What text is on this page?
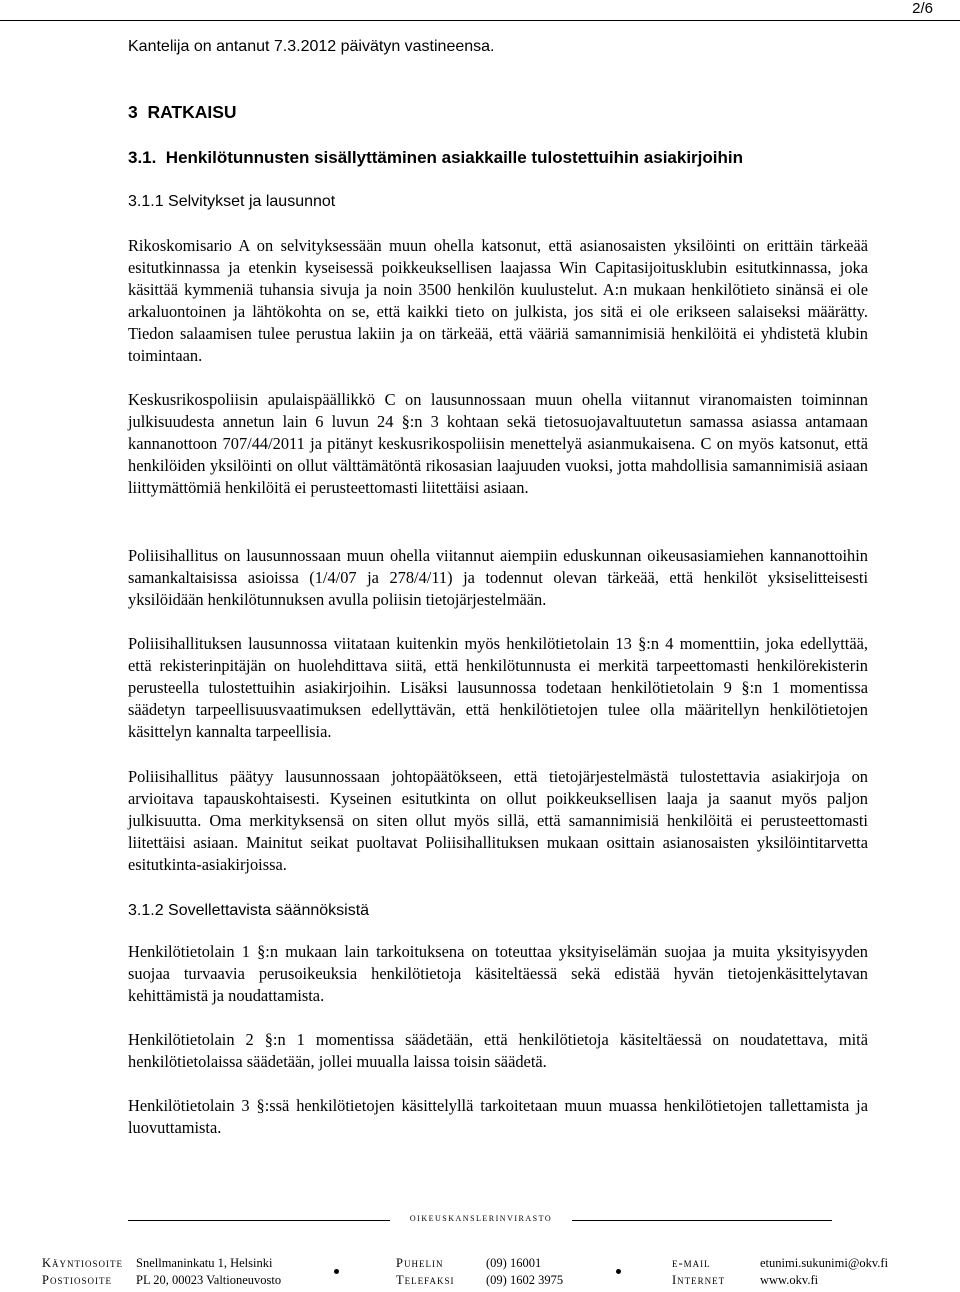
2/6
Kantelija on antanut 7.3.2012 päivätyn vastineensa.
3  RATKAISU
3.1.  Henkilötunnusten sisällyttäminen asiakkaille tulostettuihin asiakirjoihin
3.1.1 Selvitykset ja lausunnot

Rikoskomisario A on selvityksessään muun ohella katsonut, että asianosaisten yksilöinti on erittäin tärkeää esitutkinnassa ja etenkin kyseisessä poikkeuksellisen laajassa Win Capitasijoitusklubin esitutkinnassa, joka käsittää kymmeniä tuhansia sivuja ja noin 3500 henkilön kuulustelut. A:n mukaan henkilötieto sinänsä ei ole arkaluontoinen ja lähtökohta on se, että kaikki tieto on julkista, jos sitä ei ole erikseen salaiseksi määrätty. Tiedon salaamisen tulee perustua lakiin ja on tärkeää, että vääriä samannimisiä henkilöitä ei yhdistetä klubin toimintaan.

Keskusrikospoliisin apulaispäällikkö C on lausunnossaan muun ohella viitannut viranomaisten toiminnan julkisuudesta annetun lain 6 luvun 24 §:n 3 kohtaan sekä tietosuojavaltuutetun samassa asiassa antamaan kannanottoon 707/44/2011 ja pitänyt keskusrikospoliisin menettelyä asianmukaisena. C on myös katsonut, että henkilöiden yksilöinti on ollut välttämätöntä rikosasian laajuuden vuoksi, jotta mahdollisia samannimisiä asiaan liittymättömiä henkilöitä ei perusteettomasti liitettäisi asiaan.

Poliisihallitus on lausunnossaan muun ohella viitannut aiempiin eduskunnan oikeusasiamiehen kannanottoihin samankaltaisissa asioissa (1/4/07 ja 278/4/11) ja todennut olevan tärkeää, että henkilöt yksiselitteisesti yksilöidään henkilötunnuksen avulla poliisin tietojärjestelmään.

Poliisihallituksen lausunnossa viitataan kuitenkin myös henkilötietolain 13 §:n 4 momenttiin, joka edellyttää, että rekisterinpitäjän on huolehdittava siitä, että henkilötunnusta ei merkitä tarpeettomasti henkilörekisterin perusteella tulostettuihin asiakirjoihin. Lisäksi lausunnossa todetaan henkilötietolain 9 §:n 1 momentissa säädetyn tarpeellisuusvaatimuksen edellyttävän, että henkilötietojen tulee olla määritellyn henkilötietojen käsittelyn kannalta tarpeellisia.

Poliisihallitus päätyy lausunnossaan johtopäätökseen, että tietojärjestelmästä tulostettavia asiakirjoja on arvioitava tapauskohtaisesti. Kyseinen esitutkinta on ollut poikkeuksellisen laaja ja saanut myös paljon julkisuutta. Oma merkityksensä on siten ollut myös sillä, että samannimisiä henkilöitä ei perusteettomasti liitettäisi asiaan. Mainitut seikat puoltavat Poliisihallituksen mukaan osittain asianosaisten yksilöintitarvetta esitutkinta-asiakirjoissa.

3.1.2 Sovellettavista säännöksistä

Henkilötietolain 1 §:n mukaan lain tarkoituksena on toteuttaa yksityiselämän suojaa ja muita yksityisyyden suojaa turvaavia perusoikeuksia henkilötietoja käsiteltäessä sekä edistää hyvän tietojenkäsittelytavan kehittämistä ja noudattamista.

Henkilötietolain 2 §:n 1 momentissa säädetään, että henkilötietoja käsiteltäessä on noudatettava, mitä henkilötietolaissa säädetään, jollei muualla laissa toisin säädetä.

Henkilötietolain 3 §:ssä henkilötietojen käsittelyllä tarkoitetaan muun muassa henkilötietojen tallettamista ja luovuttamista.

oikeuskanslerinvirasto
Käyntiosoite Snellmaninkatu 1, Helsinki
Postiosoite PL 20, 00023 Valtioneuvosto
Puhelin	(09) 16001
Telefaksi	(09) 1602 3975
e-mail	etunimi.sukunimi@okv.fi
Internet	www.okv.fi
